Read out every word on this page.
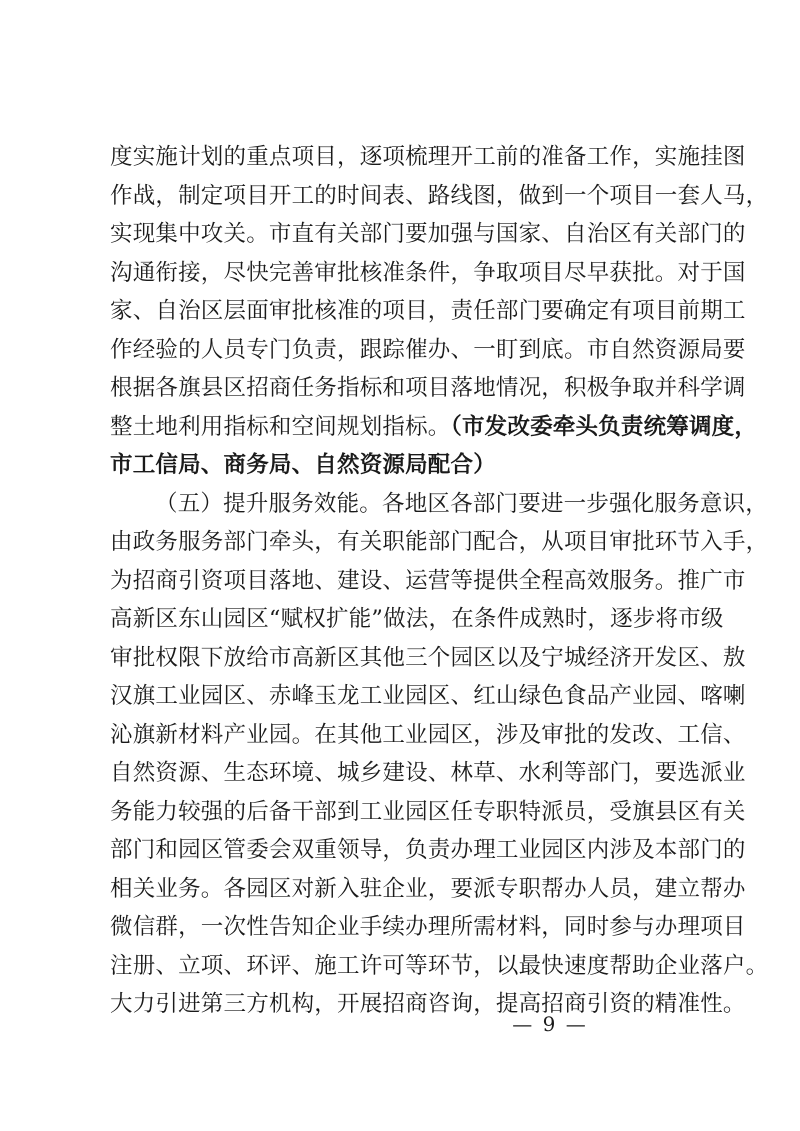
度实施计划的重点项目，逐项梳理开工前的准备工作，实施挂图
作战，制定项目开工的时间表、路线图，做到一个项目一套人马，
实现集中攻关。市直有关部门要加强与国家、自治区有关部门的
沟通衔接，尽快完善审批核准条件，争取项目尽早获批。对于国
家、自治区层面审批核准的项目，责任部门要确定有项目前期工
作经验的人员专门负责，跟踪催办、一盯到底。市自然资源局要
根据各旗县区招商任务指标和项目落地情况，积极争取并科学调
整土地利用指标和空间规划指标。（市发改委牵头负责统筹调度，
市工信局、商务局、自然资源局配合）
（五）提升服务效能。各地区各部门要进一步强化服务意识，
由政务服务部门牵头，有关职能部门配合，从项目审批环节入手，
为招商引资项目落地、建设、运营等提供全程高效服务。推广市
高新区东山园区“赋权扩能”做法，在条件成熟时，逐步将市级
审批权限下放给市高新区其他三个园区以及宁城经济开发区、敖
汉旗工业园区、赤峰玉龙工业园区、红山绿色食品产业园、喀喇
沁旗新材料产业园。在其他工业园区，涉及审批的发改、工信、
自然资源、生态环境、城乡建设、林草、水利等部门，要选派业
务能力较强的后备干部到工业园区任专职特派员，受旗县区有关
部门和园区管委会双重领导，负责办理工业园区内涉及本部门的
相关业务。各园区对新入驻企业，要派专职帮办人员，建立帮办
微信群，一次性告知企业手续办理所需材料，同时参与办理项目
注册、立项、环评、施工许可等环节，以最快速度帮助企业落户。
大力引进第三方机构，开展招商咨询，提高招商引资的精准性。
— 9 —
